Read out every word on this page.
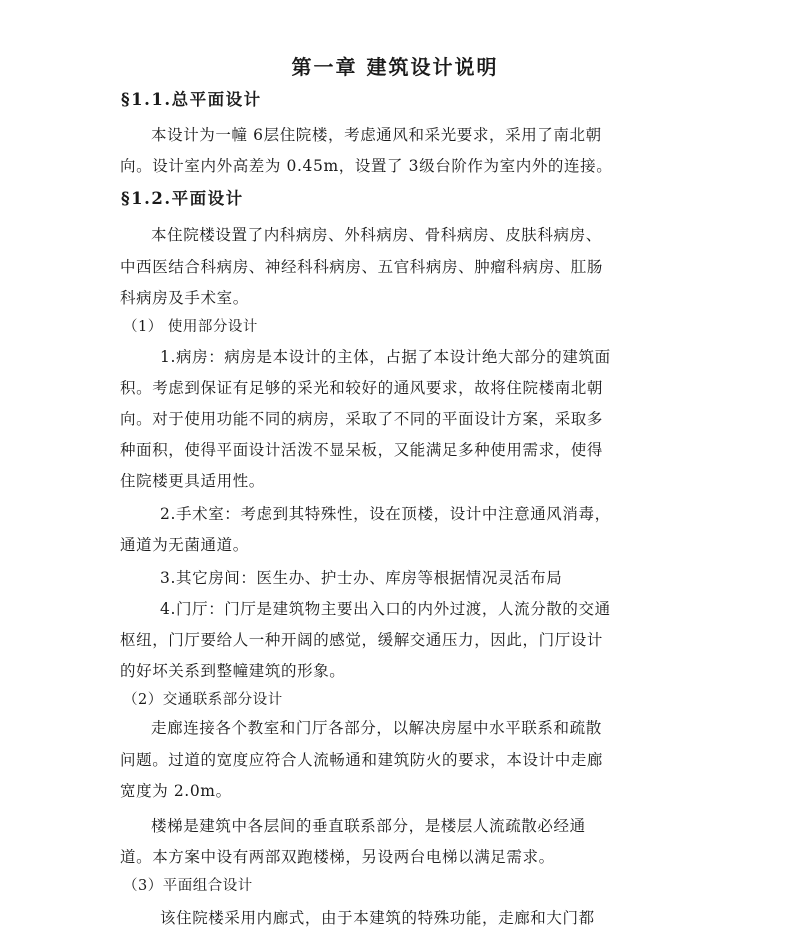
第一章 建筑设计说明
§1.1.总平面设计

本设计为一幢 6层住院楼，考虑通风和采光要求，采用了南北朝

向。设计室内外高差为 0.45m，设置了 3级台阶作为室内外的连接。

§1.2.平面设计

本住院楼设置了内科病房、外科病房、骨科病房、皮肤科病房、

中西医结合科病房、神经科科病房、五官科病房、肿瘤科病房、肛肠

科病房及手术室。

（1） 使用部分设计

1.病房：病房是本设计的主体，占据了本设计绝大部分的建筑面

积。考虑到保证有足够的采光和较好的通风要求，故将住院楼南北朝

向。对于使用功能不同的病房，采取了不同的平面设计方案，采取多

种面积，使得平面设计活泼不显呆板，又能满足多种使用需求，使得

住院楼更具适用性。

2.手术室：考虑到其特殊性，设在顶楼，设计中注意通风消毒，

通道为无菌通道。

3.其它房间：医生办、护士办、库房等根据情况灵活布局

4.门厅：门厅是建筑物主要出入口的内外过渡，人流分散的交通

枢纽，门厅要给人一种开阔的感觉，缓解交通压力，因此，门厅设计

的好坏关系到整幢建筑的形象。

（2）交通联系部分设计

走廊连接各个教室和门厅各部分，以解决房屋中水平联系和疏散

问题。过道的宽度应符合人流畅通和建筑防火的要求，本设计中走廊

宽度为 2.0m。

楼梯是建筑中各层间的垂直联系部分，是楼层人流疏散必经通

道。本方案中设有两部双跑楼梯，另设两台电梯以满足需求。

（3）平面组合设计

该住院楼采用内廊式，由于本建筑的特殊功能，走廊和大门都
